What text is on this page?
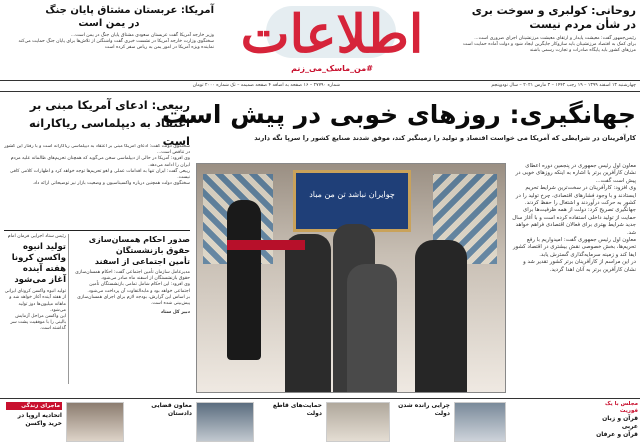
روحانی: کولبری و سوخت بری
در شأن مردم نیست
رئیس‌جمهور گفت: معیشت پایدار و ارتقای معیشت مرزنشینان اجرای ضروری است...
برای کمک به اقتصاد مرزنشینان باید سازوکار جایگزین ایجاد شود و دولت آماده حمایت است
مرزهای کشور باید پایگاه صادرات و تجارت رسمی باشند
اطلاعات
#من_ماسک_می_زنم
آمریکا: عربستان مشتاق پایان جنگ
در یمن است
وزیر خارجه آمریکا گفت عربستان سعودی مشتاق پایان جنگ در یمن است...
سخنگوی وزارت خارجه آمریکا در نشست خبری گفت واشنگتن از تلاش‌ها برای پایان جنگ حمایت می‌کند
نماینده ویژه آمریکا در امور یمن به ریاض سفر کرده است
چهارشنبه ۱۳ اسفند ۱۳۹۹ – ۱۹ رجب ۱۴۴۲ – ۳ مارس ۲۰۲۱ – سال نودوپنجم
شماره ۲۷۷۹۰ – ۱۶ صفحه به اضافه ۴ صفحه ضمیمه – تک شماره ۲۰۰۰ تومان
جهانگیری: روزهای خوبی در پیش است
کارآفرینان در شرایطی که آمریکا می خواست اقتصاد و تولید را زمینگیر کند، موفق شدند صنایع کشور را سرپا نگه دارند
چوایران نباشد تن من مباد
معاون اول رئیس جمهوری در پنجمین دوره اعطای نشان کارآفرین برتر با اشاره به اینکه روزهای خوبی در پیش است گفت...
وی افزود: کارآفرینان در سخت‌ترین شرایط تحریم ایستادند و با وجود فشارهای اقتصادی، چرخ تولید را در کشور به حرکت درآوردند و اشتغال را حفظ کردند.
جهانگیری تصریح کرد: دولت از همه ظرفیت‌ها برای حمایت از تولید داخلی استفاده کرده است و با آغاز سال جدید شرایط بهتری برای فعالان اقتصادی فراهم خواهد شد.
معاون اول رئیس جمهوری گفت: امیدواریم با رفع تحریم‌ها، بخش خصوصی نقش بیشتری در اقتصاد کشور ایفا کند و زمینه سرمایه‌گذاری گسترش یابد.
در این مراسم از کارآفرینان برتر کشور تقدیر شد و نشان کارآفرین برتر به آنان اهدا گردید.
ربیعی: ادعای آمریکا مبنی بر اعتقاد به دیپلماسی ریاکارانه است
سخنگوی دولت گفت: ادعای آمریکا مبنی بر اعتقاد به دیپلماسی ریاکارانه است و با رفتار این کشور در تناقض است...
وی افزود: آمریکا در حالی از دیپلماسی سخن می‌گوید که همچنان تحریم‌های ظالمانه علیه مردم ایران را ادامه می‌دهد.
ربیعی گفت: ایران تنها به اقدامات عملی و لغو تحریم‌ها توجه خواهد کرد و اظهارات کلامی کافی نیست.
سخنگوی دولت همچنین درباره واکسیناسیون و وضعیت بازار نیز توضیحاتی ارائه داد.
رئیس ستاد اجرایی فرمان امام
تولید انبوه واکسن کرونا هفته آینده آغاز می‌شود
تولید انبوه واکسن کرونای ایرانی از هفته آینده آغاز خواهد شد و ماهانه میلیون‌ها دوز تولید می‌شود.
این واکسن مراحل آزمایش بالینی را با موفقیت پشت سر گذاشته است.
صدور احکام همسان‌سازی حقوق بازنشستگان
تأمین اجتماعی از اسفند
مدیرعامل سازمان تأمین اجتماعی گفت: احکام همسان‌سازی حقوق بازنشستگان از اسفند ماه صادر می‌شود.
وی افزود: این احکام شامل تمامی بازنشستگان تأمین اجتماعی خواهد بود و مابه‌التفاوت آن پرداخت می‌شود.
بر اساس این گزارش، بودجه لازم برای اجرای همسان‌سازی پیش‌بینی شده است.
دبیر کل ستاد
مجلس با یک فوریت
قرآن و زبان عربی
قرآن و عرفان
چرایی رانده شدن دولت
حمایت‌های قاطع دولت
معاون قضایی دادستان
ماجرای زندگی
اتحادیه اروپا در خرید واکسن
